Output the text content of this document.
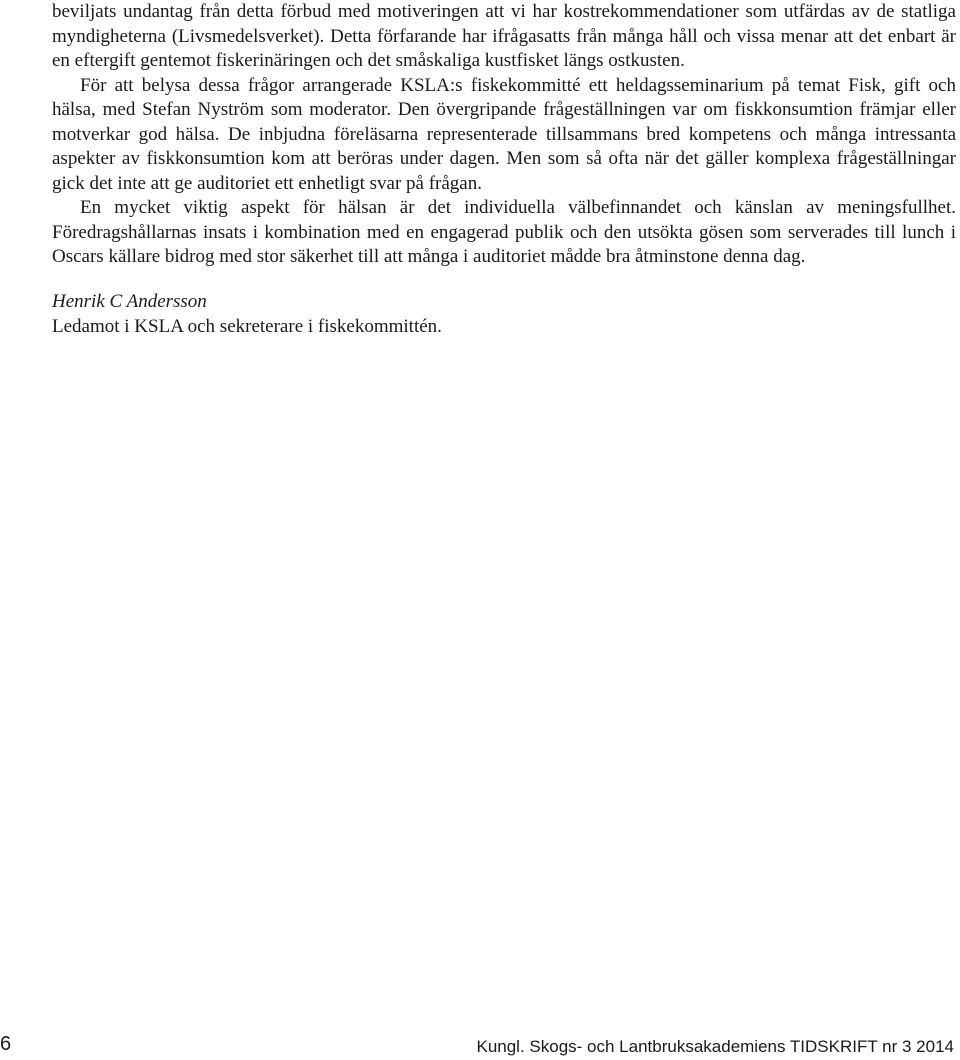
beviljats undantag från detta förbud med motiveringen att vi har kostrekommendationer som utfärdas av de statliga myndigheterna (Livsmedelsverket). Detta förfarande har ifrågasatts från många håll och vissa menar att det enbart är en eftergift gentemot fiskerinäringen och det småskaliga kustfisket längs ostkusten.

För att belysa dessa frågor arrangerade KSLA:s fiskekommitté ett heldagsseminarium på temat Fisk, gift och hälsa, med Stefan Nyström som moderator. Den övergripande frågeställningen var om fiskkonsumtion främjar eller motverkar god hälsa. De inbjudna föreläsarna representerade tillsammans bred kompetens och många intressanta aspekter av fiskkonsumtion kom att beröras under dagen. Men som så ofta när det gäller komplexa frågeställningar gick det inte att ge auditoriet ett enhetligt svar på frågan.

En mycket viktig aspekt för hälsan är det individuella välbefinnandet och känslan av meningsfullhet. Föredragshållarnas insats i kombination med en engagerad publik och den utsökta gösen som serverades till lunch i Oscars källare bidrog med stor säkerhet till att många i auditoriet mådde bra åtminstone denna dag.

Henrik C Andersson
Ledamot i KSLA och sekreterare i fiskekommittén.
6	Kungl. Skogs- och Lantbruksakademiens TIDSKRIFT nr 3 2014
